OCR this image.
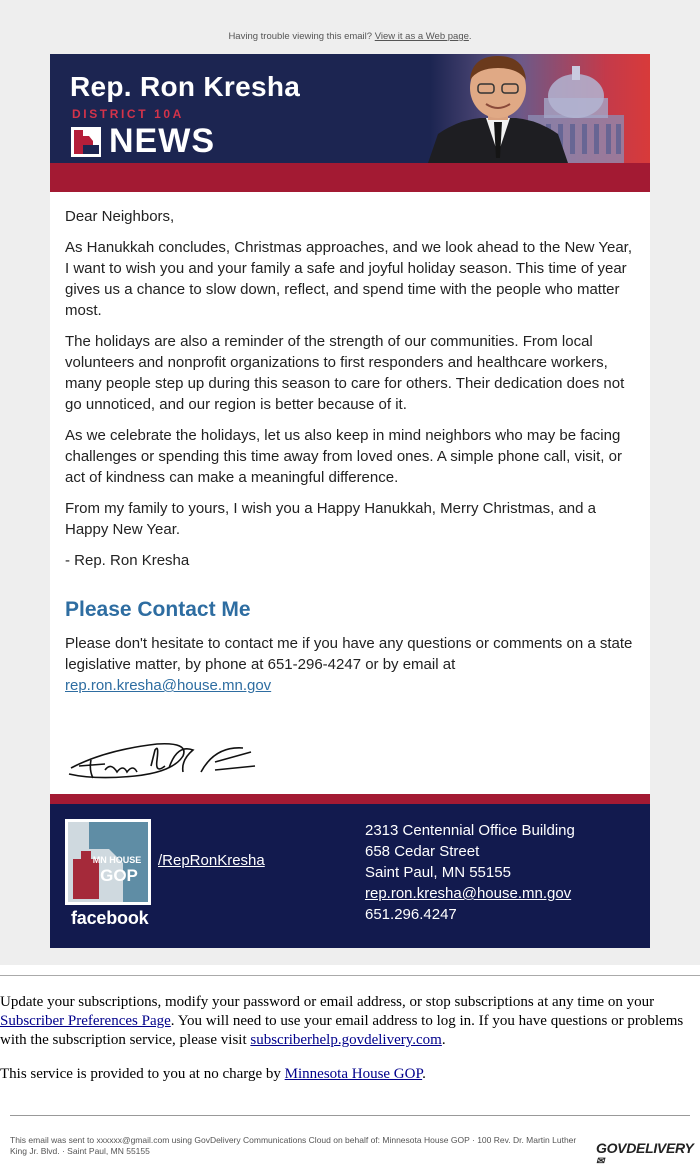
Having trouble viewing this email? View it as a Web page.
Rep. Ron Kresha
DISTRICT 10A
NEWS

Dear Neighbors,

As Hanukkah concludes, Christmas approaches, and we look ahead to the New Year, I want to wish you and your family a safe and joyful holiday season. This time of year gives us a chance to slow down, reflect, and spend time with the people who matter most.

The holidays are also a reminder of the strength of our communities. From local volunteers and nonprofit organizations to first responders and healthcare workers, many people step up during this season to care for others. Their dedication does not go unnoticed, and our region is better because of it.

As we celebrate the holidays, let us also keep in mind neighbors who may be facing challenges or spending this time away from loved ones. A simple phone call, visit, or act of kindness can make a meaningful difference.

From my family to yours, I wish you a Happy Hanukkah, Merry Christmas, and a Happy New Year.

- Rep. Ron Kresha

Please Contact Me

Please don't hesitate to contact me if you have any questions or comments on a state legislative matter, by phone at 651-296-4247 or by email at rep.ron.kresha@house.mn.gov

MN HOUSE
GOP
facebook
/RepRonKresha
2313 Centennial Office Building
658 Cedar Street
Saint Paul, MN 55155
rep.ron.kresha@house.mn.gov
651.296.4247

Update your subscriptions, modify your password or email address, or stop subscriptions at any time on your Subscriber Preferences Page. You will need to use your email address to log in. If you have questions or problems with the subscription service, please visit subscriberhelp.govdelivery.com.

This service is provided to you at no charge by Minnesota House GOP.

This email was sent to xxxxxx@gmail.com using GovDelivery Communications Cloud on behalf of: Minnesota House GOP · 100 Rev. Dr. Martin Luther King Jr. Blvd. · Saint Paul, MN 55155	GOVDELIVERY✉
